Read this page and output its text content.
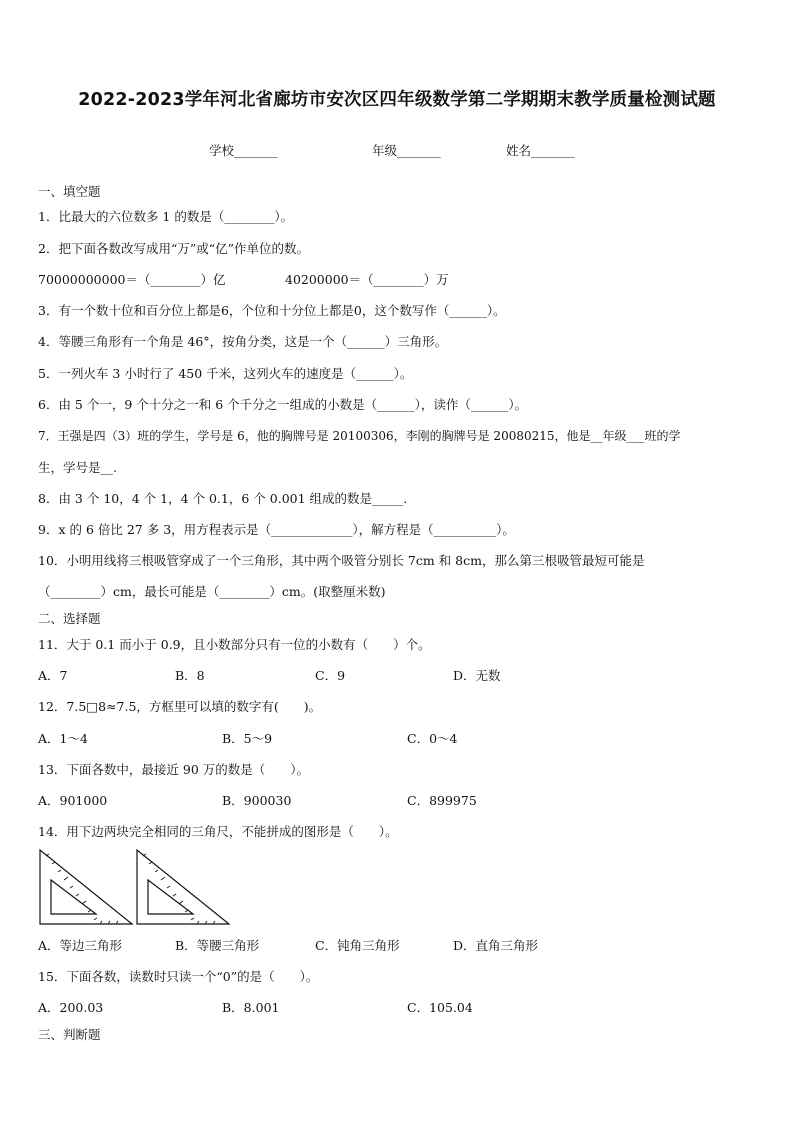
2022-2023学年河北省廊坊市安次区四年级数学第二学期期末教学质量检测试题
学校_______	年级_______	姓名_______
一、填空题
1．比最大的六位数多 1 的数是（________）。
2．把下面各数改写成用“万”或“亿”作单位的数。
70000000000＝（________）亿	40200000＝（________）万
3．有一个数十位和百分位上都是6，个位和十分位上都是0，这个数写作（______）。
4．等腰三角形有一个角是 46°，按角分类，这是一个（______）三角形。
5．一列火车 3 小时行了 450 千米，这列火车的速度是（______）。
6．由 5 个一，9 个十分之一和 6 个千分之一组成的小数是（______），读作（______）。
7．王强是四（3）班的学生，学号是 6，他的胸牌号是 20100306，李刚的胸牌号是 20080215，他是__年级___班的学
生，学号是__.
8．由 3 个 10，4 个 1，4 个 0.1，6 个 0.001 组成的数是_____.
9．x 的 6 倍比 27 多 3，用方程表示是（_____________），解方程是（__________）。
10．小明用线将三根吸管穿成了一个三角形，其中两个吸管分别长 7cm 和 8cm，那么第三根吸管最短可能是
（________）cm，最长可能是（________）cm。(取整厘米数)
二、选择题
11．大于 0.1 而小于 0.9，且小数部分只有一位的小数有（　　）个。
A．7	B．8	C．9	D．无数
12．7.5□8≈7.5，方框里可以填的数字有(　　)。
A．1～4	B．5～9	C．0～4
13．下面各数中，最接近 90 万的数是（　　）。
A．901000	B．900030	C．899975
14．用下边两块完全相同的三角尺，不能拼成的图形是（　　）。
A．等边三角形	B．等腰三角形	C．钝角三角形	D．直角三角形
15．下面各数，读数时只读一个“0”的是（　　）。
A．200.03	B．8.001	C．105.04
三、判断题
